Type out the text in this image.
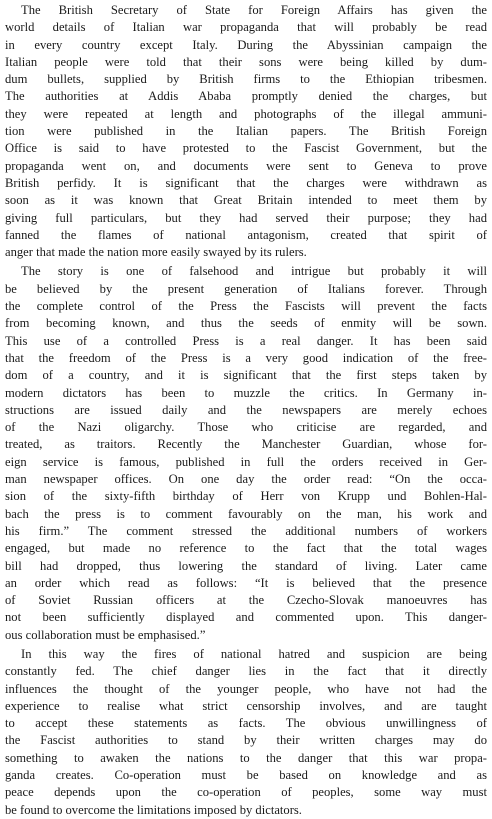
The British Secretary of State for Foreign Affairs has given the
world details of Italian war propaganda that will probably be read
in every country except Italy. During the Abyssinian campaign the
Italian people were told that their sons were being killed by dum-
dum bullets, supplied by British firms to the Ethiopian tribesmen.
The authorities at Addis Ababa promptly denied the charges, but
they were repeated at length and photographs of the illegal ammuni-
tion were published in the Italian papers. The British Foreign
Office is said to have protested to the Fascist Government, but the
propaganda went on, and documents were sent to Geneva to prove
British perfidy. It is significant that the charges were withdrawn as
soon as it was known that Great Britain intended to meet them by
giving full particulars, but they had served their purpose; they had
fanned the flames of national antagonism, created that spirit of
anger that made the nation more easily swayed by its rulers.
The story is one of falsehood and intrigue but probably it will
be believed by the present generation of Italians forever. Through
the complete control of the Press the Fascists will prevent the facts
from becoming known, and thus the seeds of enmity will be sown.
This use of a controlled Press is a real danger. It has been said
that the freedom of the Press is a very good indication of the free-
dom of a country, and it is significant that the first steps taken by
modern dictators has been to muzzle the critics. In Germany in-
structions are issued daily and the newspapers are merely echoes
of the Nazi oligarchy. Those who criticise are regarded, and
treated, as traitors. Recently the Manchester Guardian, whose for-
eign service is famous, published in full the orders received in Ger-
man newspaper offices. On one day the order read: “On the occa-
sion of the sixty-fifth birthday of Herr von Krupp und Bohlen-Hal-
bach the press is to comment favourably on the man, his work and
his firm.” The comment stressed the additional numbers of workers
engaged, but made no reference to the fact that the total wages
bill had dropped, thus lowering the standard of living. Later came
an order which read as follows: “It is believed that the presence
of Soviet Russian officers at the Czecho-Slovak manoeuvres has
not been sufficiently displayed and commented upon. This danger-
ous collaboration must be emphasised.”
In this way the fires of national hatred and suspicion are being
constantly fed. The chief danger lies in the fact that it directly
influences the thought of the younger people, who have not had the
experience to realise what strict censorship involves, and are taught
to accept these statements as facts. The obvious unwillingness of
the Fascist authorities to stand by their written charges may do
something to awaken the nations to the danger that this war propa-
ganda creates. Co-operation must be based on knowledge and as
peace depends upon the co-operation of peoples, some way must
be found to overcome the limitations imposed by dictators.
